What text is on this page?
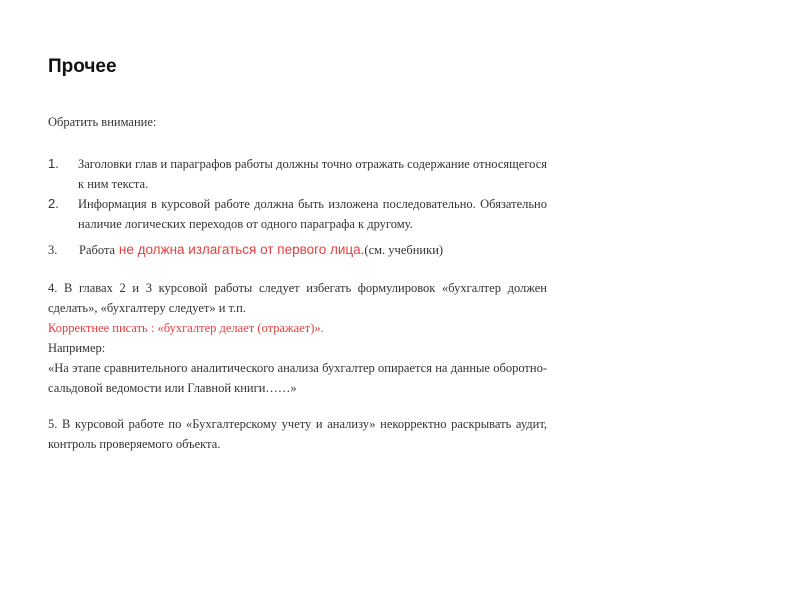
Прочее

Обратить внимание:

1.	Заголовки глав и параграфов работы должны точно отражать содержание относящегося к ним текста.
2.	Информация в курсовой работе должна быть изложена последовательно. Обязательно наличие логических переходов от одного параграфа к другому.
3.	Работа не должна излагаться от первого лица.(см. учебники)

4. В главах 2 и 3 курсовой работы следует избегать формулировок «бухгалтер должен сделать», «бухгалтеру следует» и т.п.

Корректнее писать : «бухгалтер делает (отражает)».

Например:

«На этапе сравнительного аналитического анализа бухгалтер опирается на данные оборотно-сальдовой ведомости или Главной книги……»

5. В курсовой работе по «Бухгалтерскому учету и анализу» некорректно раскрывать аудит, контроль проверяемого объекта.
